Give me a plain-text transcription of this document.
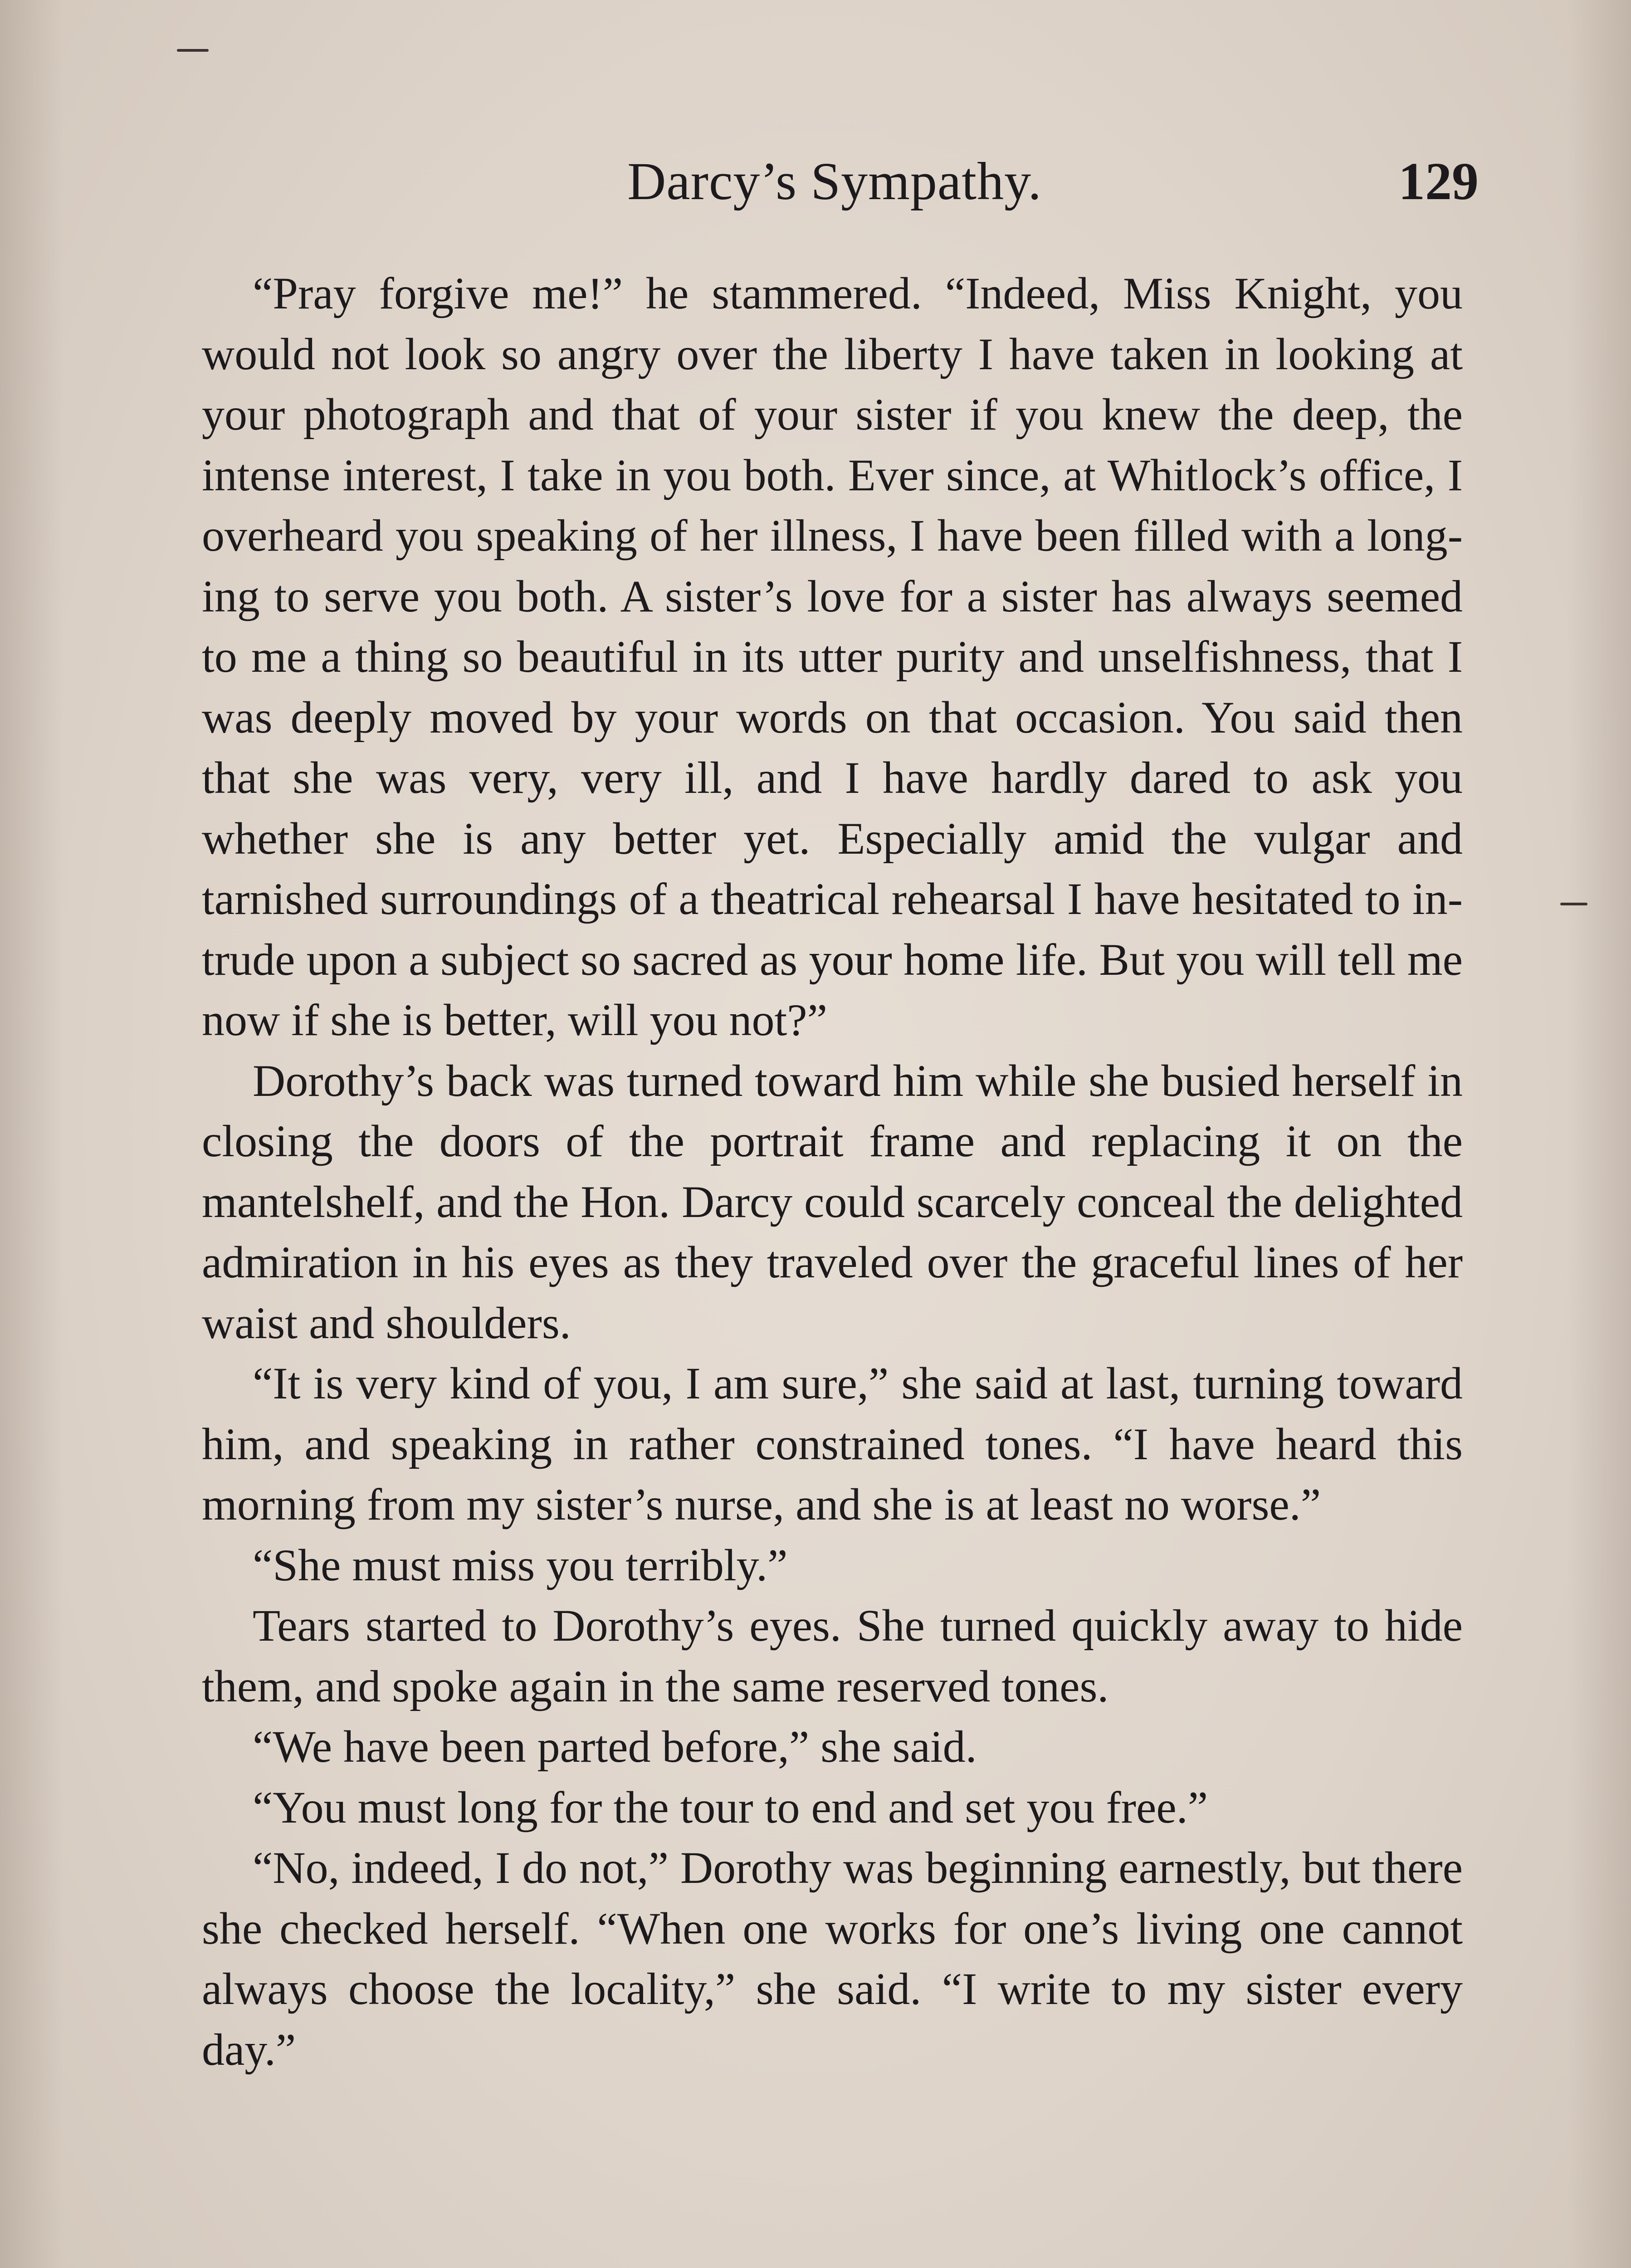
Darcy’s Sympathy.	129

“Pray forgive me!” he stammered. “Indeed, Miss Knight, you would not look so angry over the liberty I have taken in looking at your photograph and that of your sister if you knew the deep, the intense interest, I take in you both. Ever since, at Whitlock’s office, I overheard you speaking of her illness, I have been filled with a longing to serve you both. A sister’s love for a sister has always seemed to me a thing so beautiful in its utter purity and unselfishness, that I was deeply moved by your words on that occasion. You said then that she was very, very ill, and I have hardly dared to ask you whether she is any better yet. Especially amid the vulgar and tarnished surroundings of a theatrical rehearsal I have hesitated to intrude upon a subject so sacred as your home life. But you will tell me now if she is better, will you not?”

Dorothy’s back was turned toward him while she busied herself in closing the doors of the portrait frame and replacing it on the mantelshelf, and the Hon. Darcy could scarcely conceal the delighted admiration in his eyes as they traveled over the graceful lines of her waist and shoulders.

“It is very kind of you, I am sure,” she said at last, turning toward him, and speaking in rather constrained tones. “I have heard this morning from my sister’s nurse, and she is at least no worse.”

“She must miss you terribly.”

Tears started to Dorothy’s eyes. She turned quickly away to hide them, and spoke again in the same reserved tones.

“We have been parted before,” she said.

“You must long for the tour to end and set you free.”

“No, indeed, I do not,” Dorothy was beginning earnestly, but there she checked herself. “When one works for one’s living one cannot always choose the locality,” she said. “I write to my sister every day.”
